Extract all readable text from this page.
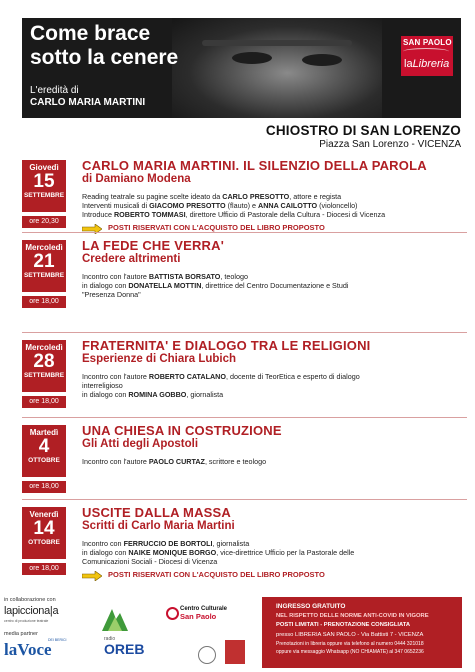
Come brace
sotto la cenere
L'eredità di
CARLO MARIA MARTINI
SAN PAOLO
laLibreria
CHIOSTRO DI SAN LORENZO
Piazza San Lorenzo - VICENZA
Giovedì
15
SETTEMBRE
ore 20,30
CARLO MARIA MARTINI. IL SILENZIO DELLA PAROLA
di Damiano Modena
Reading teatrale su pagine scelte ideato da CARLO PRESOTTO, attore e regista
Interventi musicali di GIACOMO PRESOTTO (flauto) e ANNA CAILOTTO (violoncello)
Introduce ROBERTO TOMMASI, direttore Ufficio di Pastorale della Cultura - Diocesi di Vicenza
POSTI RISERVATI CON L'ACQUISTO DEL LIBRO PROPOSTO
Mercoledì
21
SETTEMBRE
ore 18,00
LA FEDE CHE VERRA'
Credere altrimenti
Incontro con l'autore BATTISTA BORSATO, teologo
in dialogo con DONATELLA MOTTIN, direttrice del Centro Documentazione e Studi
"Presenza Donna"
Mercoledì
28
SETTEMBRE
ore 18,00
FRATERNITA' E DIALOGO TRA LE RELIGIONI
Esperienze di Chiara Lubich
Incontro con l'autore ROBERTO CATALANO, docente di TeorEtica e esperto di dialogo
interreligioso
in dialogo con ROMINA GOBBO, giornalista
Martedì
4
OTTOBRE
ore 18,00
UNA CHIESA IN COSTRUZIONE
Gli Atti degli Apostoli
Incontro con l'autore PAOLO CURTAZ, scrittore e teologo
Venerdì
14
OTTOBRE
ore 18,00
USCITE DALLA MASSA
Scritti di Carlo Maria Martini
Incontro con FERRUCCIO DE BORTOLI, giornalista
in dialogo con NAIKE MONIQUE BORGO, vice-direttrice Ufficio per la Pastorale delle
Comunicazioni Sociali - Diocesi di Vicenza
POSTI RISERVATI CON L'ACQUISTO DEL LIBRO PROPOSTO
in collaborazione con
lapicciona|a
centro di produzione teatrale
media partner
laVoce
DEI BERICI
Centro Culturale
San Paolo
radio
OREB
INGRESSO GRATUITO
NEL RISPETTO DELLE NORME ANTI-COVID IN VIGORE
POSTI LIMITATI - PRENOTAZIONE CONSIGLIATA
presso LIBRERIA SAN PAOLO - Via Battisti 7 - VICENZA
Prenotazioni in libreria oppure via telefono al numero 0444 321018
oppure via messaggio Whatsapp (NO CHIAMATE) al 347 0652236
